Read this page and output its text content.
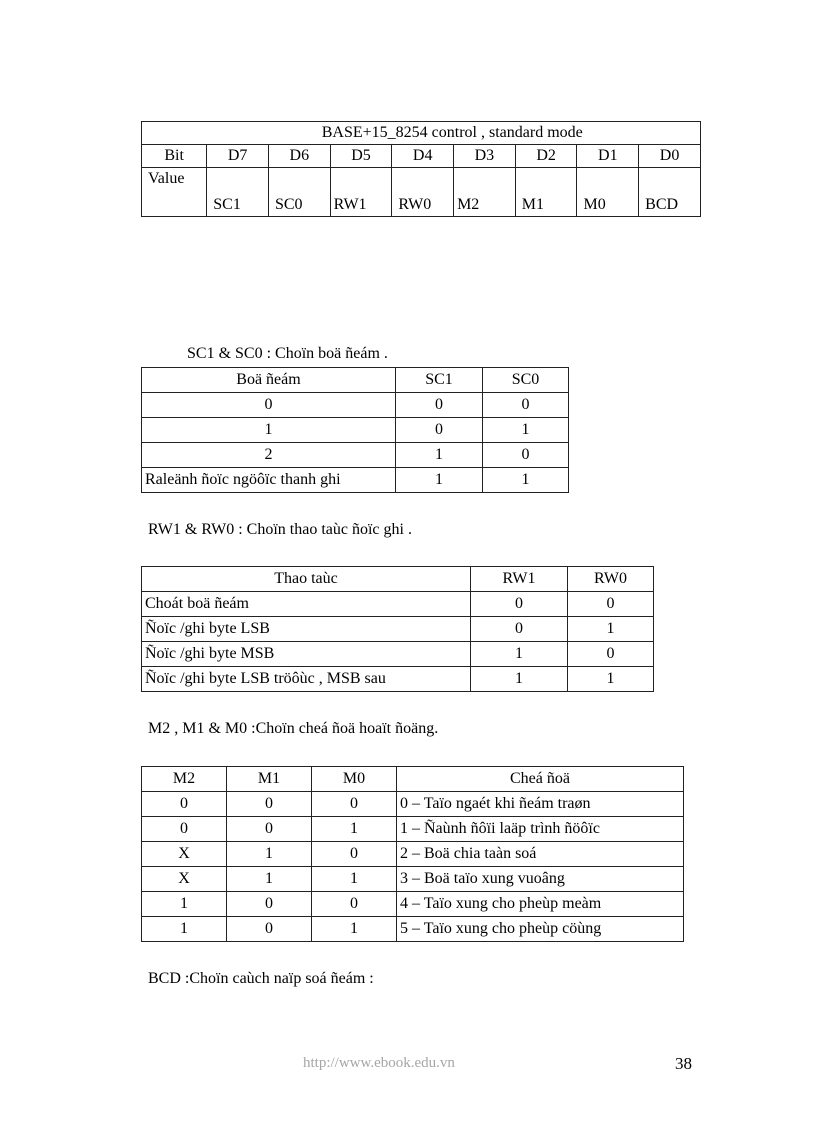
	BASE+15_8254 control , standard mode							
Bit	D7	D6	D5	D4	D3	D2	D1	D0
Value	SC1	SC0	RW1	RW0	M2	M1	M0	BCD
SC1 & SC0 : Choïn boä ñeám .
Boä ñeám	SC1	SC0
0	0	0
1	0	1
2	1	0
Raleänh ñoïc ngöôïc thanh ghi	1	1
RW1 & RW0 : Choïn thao taùc ñoïc ghi .
Thao taùc	RW1	RW0
Choát boä ñeám	0	0
Ñoïc /ghi byte LSB	0	1
Ñoïc /ghi byte MSB	1	0
Ñoïc /ghi byte LSB tröôùc , MSB sau	1	1
M2 , M1 & M0 :Choïn cheá ñoä hoaït ñoäng.
M2	M1	M0	Cheá ñoä
0	0	0	0 – Taïo ngaét khi ñeám traøn
0	0	1	1 – Ñaùnh ñôïi laäp trình ñöôïc
X	1	0	2 – Boä chia taàn soá
X	1	1	3 – Boä taïo xung vuoâng
1	0	0	4 – Taïo xung cho pheùp meàm
1	0	1	5 – Taïo xung cho pheùp cöùng
BCD :Choïn caùch naïp soá ñeám :
http://www.ebook.edu.vn	38
